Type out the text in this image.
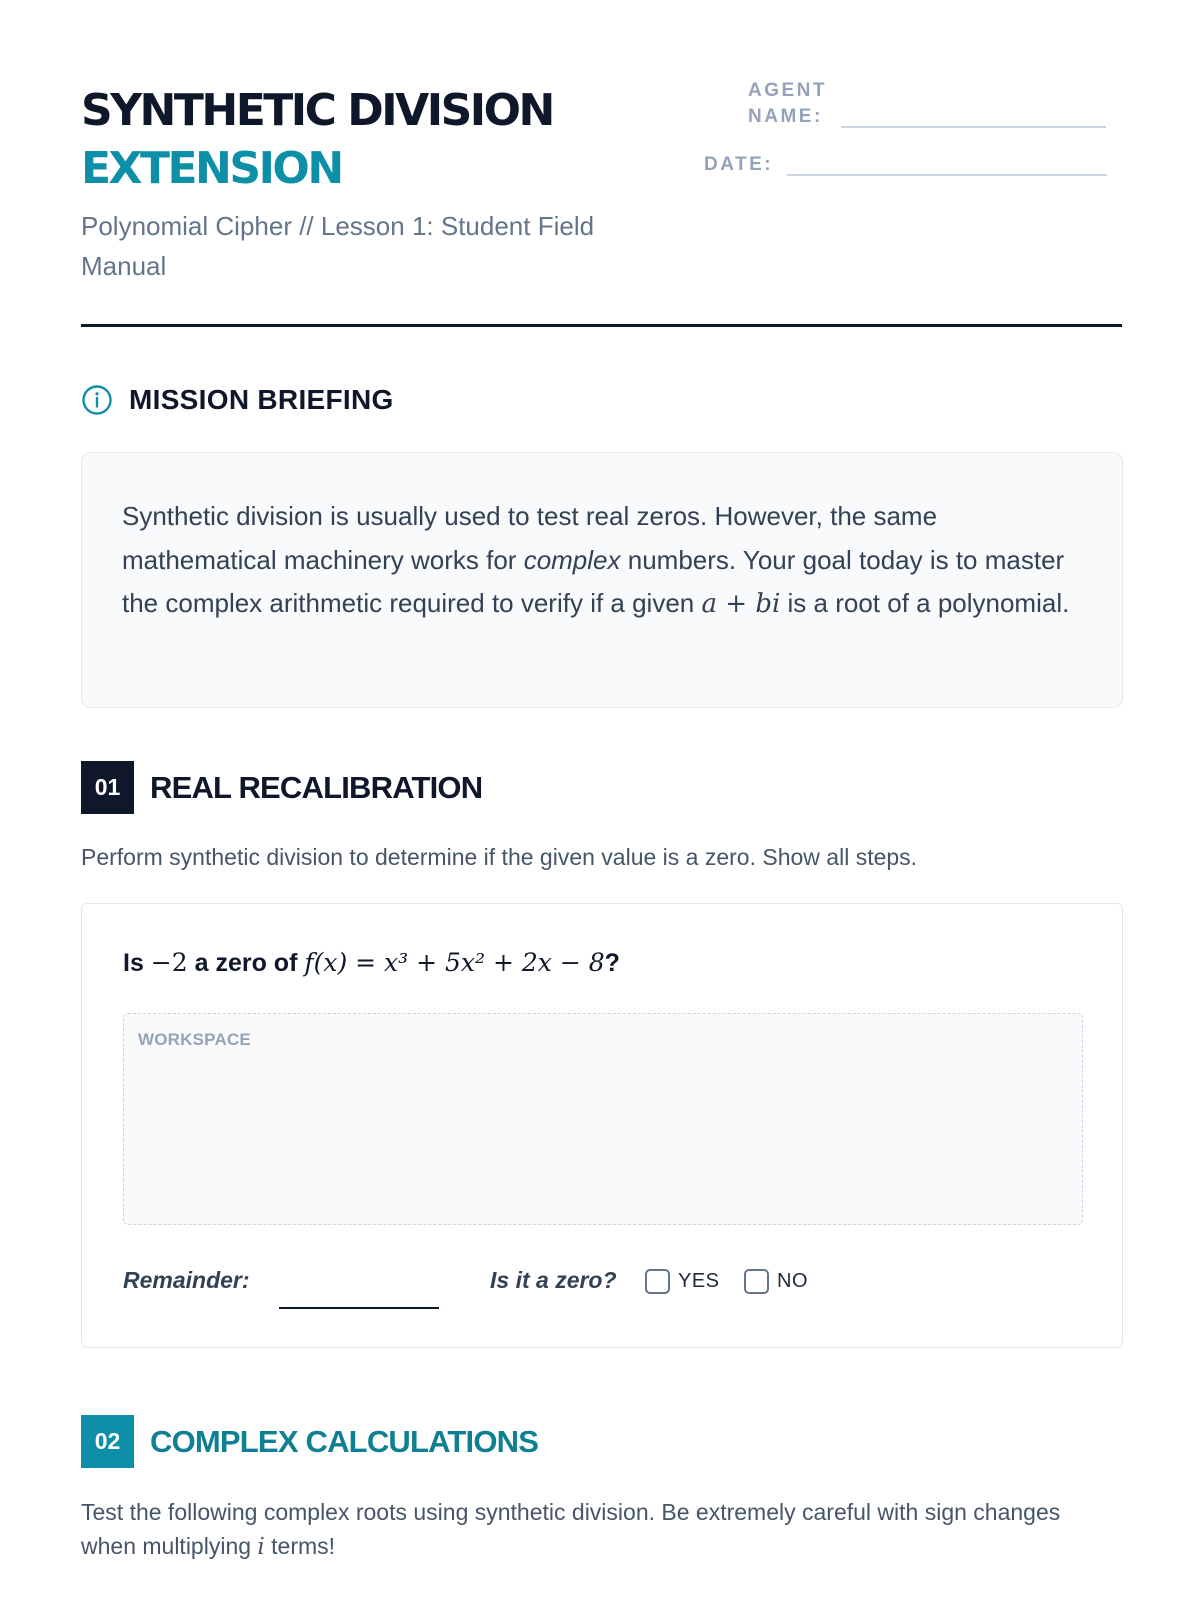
SYNTHETIC DIVISION
EXTENSION
Polynomial Cipher // Lesson 1: Student Field Manual
AGENT
NAME:
DATE:
MISSION BRIEFING

Synthetic division is usually used to test real zeros. However, the same mathematical machinery works for complex numbers. Your goal today is to master the complex arithmetic required to verify if a given a + bi is a root of a polynomial.

01 REAL RECALIBRATION
Perform synthetic division to determine if the given value is a zero. Show all steps.
Is −2 a zero of f(x) = x³ + 5x² + 2x − 8?
WORKSPACE
Remainder:	Is it a zero?	YES	NO
02 COMPLEX CALCULATIONS
Test the following complex roots using synthetic division. Be extremely careful with sign changes when multiplying i terms!
